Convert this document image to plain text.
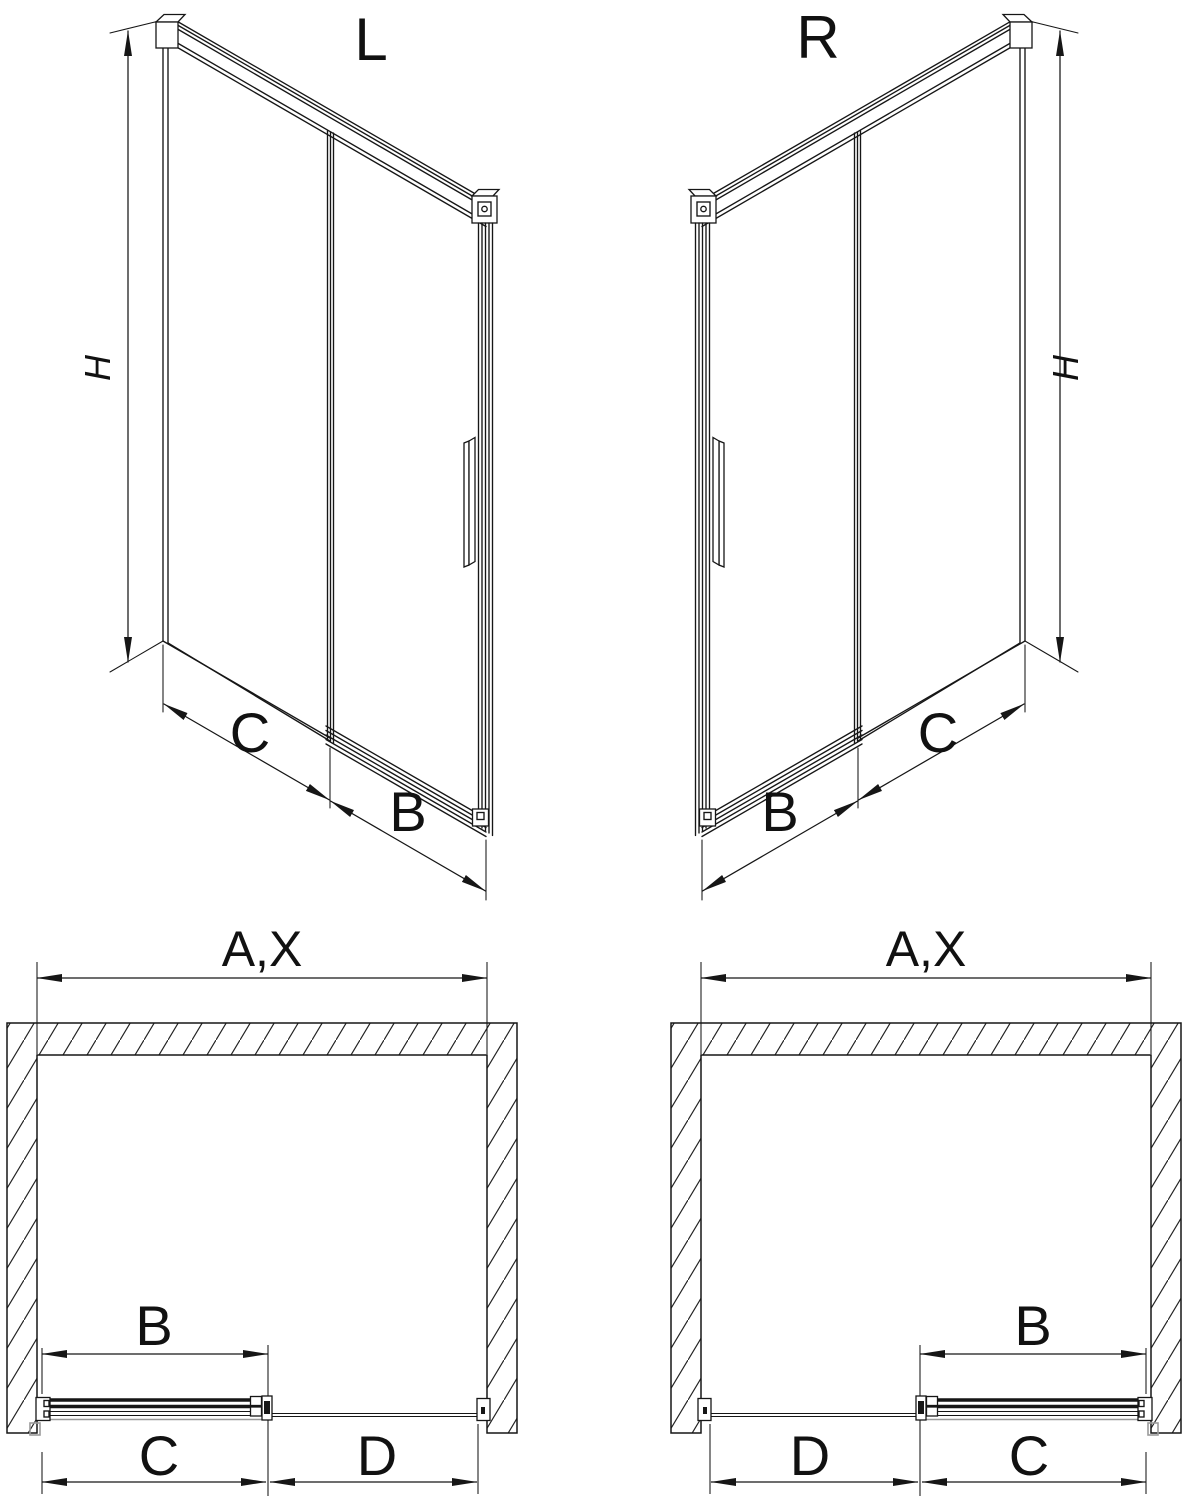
L	R
H	H
C
B
C
B
A,X	A,X
B	B
C	D	D	C
